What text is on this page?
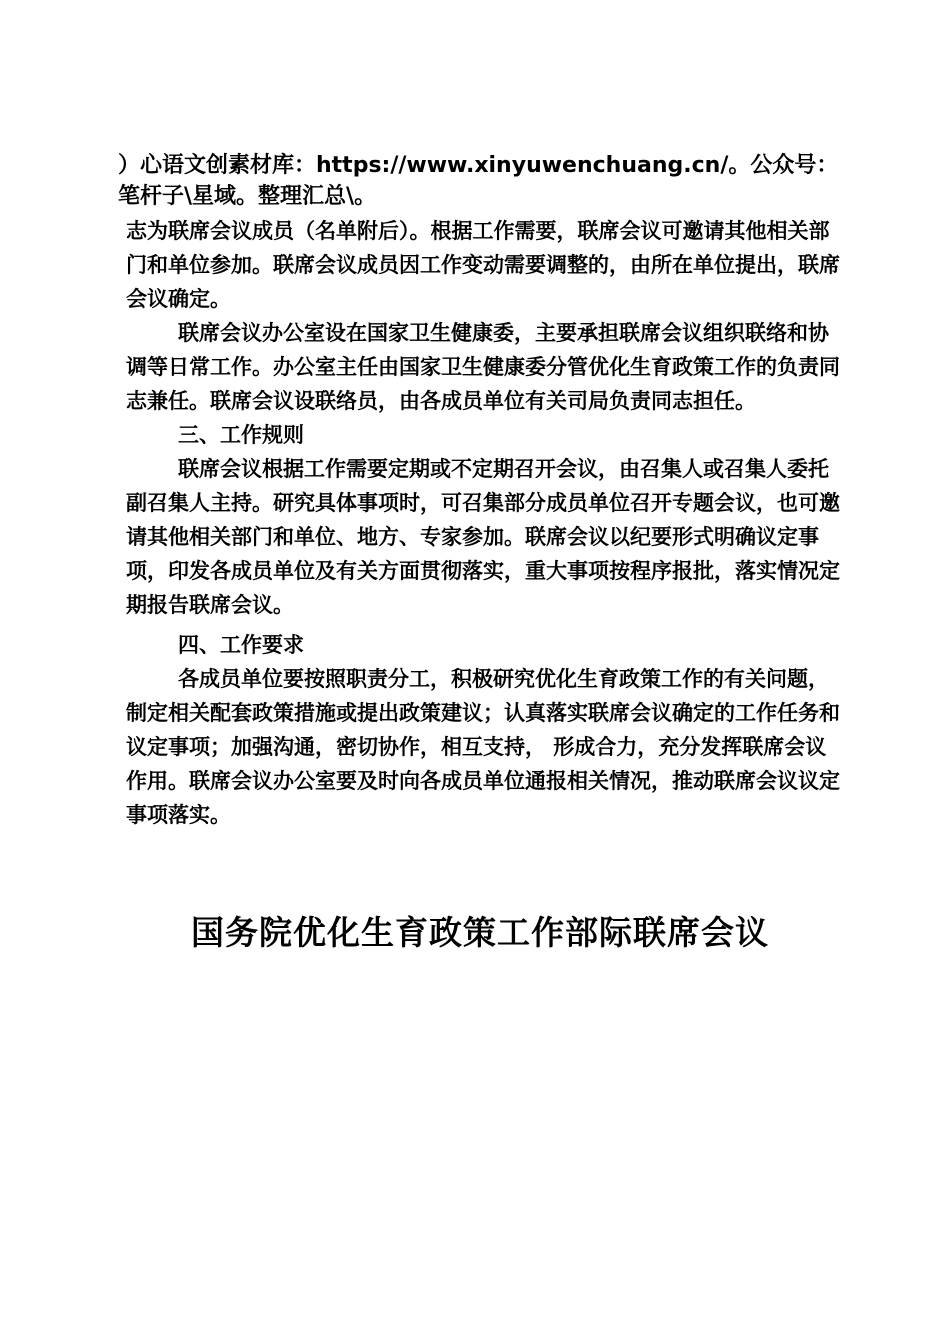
）心语文创素材库：https://www.xinyuwenchuang.cn/。公众号：笔杆子\星域。整理汇总\。

志为联席会议成员（名单附后）。根据工作需要，联席会议可邀请其他相关部门和单位参加。联席会议成员因工作变动需要调整的，由所在单位提出，联席会议确定。

联席会议办公室设在国家卫生健康委，主要承担联席会议组织联络和协调等日常工作。办公室主任由国家卫生健康委分管优化生育政策工作的负责同志兼任。联席会议设联络员，由各成员单位有关司局负责同志担任。

三、工作规则

联席会议根据工作需要定期或不定期召开会议，由召集人或召集人委托副召集人主持。研究具体事项时，可召集部分成员单位召开专题会议，也可邀请其他相关部门和单位、地方、专家参加。联席会议以纪要形式明确议定事项，印发各成员单位及有关方面贯彻落实，重大事项按程序报批，落实情况定期报告联席会议。

四、工作要求

各成员单位要按照职责分工，积极研究优化生育政策工作的有关问题，制定相关配套政策措施或提出政策建议；认真落实联席会议确定的工作任务和议定事项；加强沟通，密切协作，相互支持， 形成合力，充分发挥联席会议作用。联席会议办公室要及时向各成员单位通报相关情况，推动联席会议议定事项落实。

国务院优化生育政策工作部际联席会议
